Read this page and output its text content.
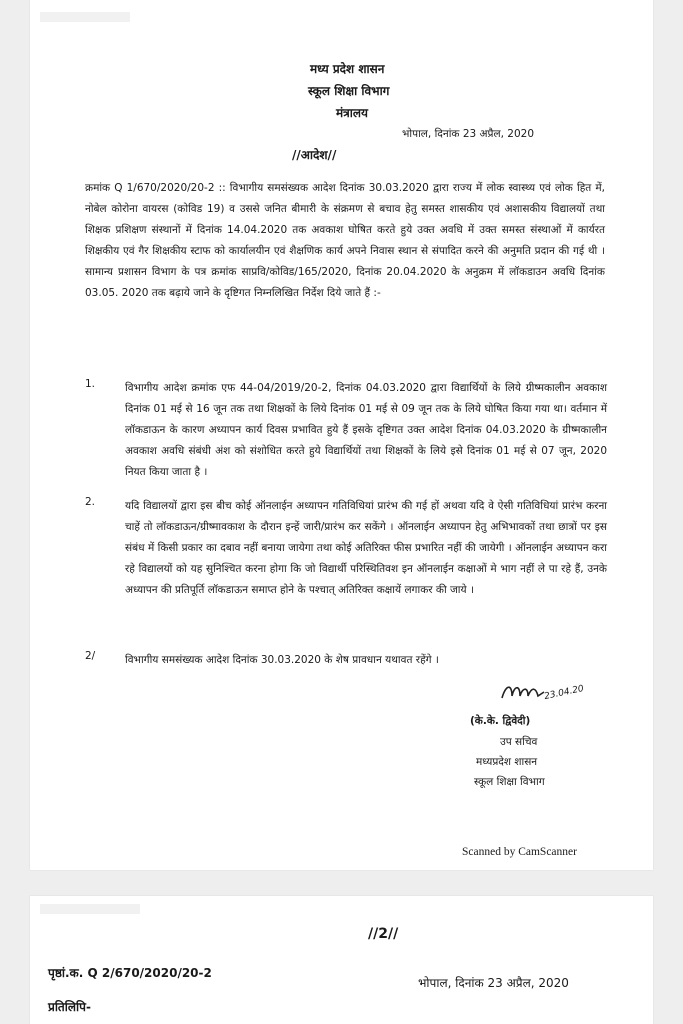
मध्य प्रदेश शासन
स्कूल शिक्षा विभाग
मंत्रालय
भोपाल, दिनांक 23 अप्रैल, 2020
//आदेश//
क्रमांक Q 1/670/2020/20-2 :: विभागीय समसंख्यक आदेश दिनांक 30.03.2020 द्वारा राज्य में लोक स्वास्थ्य एवं लोक हित में, नोबेल कोरोना वायरस (कोविड 19) व उससे जनित बीमारी के संक्रमण से बचाव हेतु समस्त शासकीय एवं अशासकीय विद्यालयों तथा शिक्षक प्रशिक्षण संस्थानों में दिनांक 14.04.2020 तक अवकाश घोषित करते हुये उक्त अवधि में उक्त समस्त संस्थाओं में कार्यरत शिक्षकीय एवं गैर शिक्षकीय स्टाफ को कार्यालयीन एवं शैक्षणिक कार्य अपने निवास स्थान से संपादित करने की अनुमति प्रदान की गई थी । सामान्य प्रशासन विभाग के पत्र क्रमांक साप्रवि/कोविड/165/2020, दिनांक 20.04.2020 के अनुक्रम में लॉकडाउन अवधि दिनांक 03.05. 2020 तक बढ़ाये जाने के दृष्टिगत निम्नलिखित निर्देश दिये जाते हैं :-
1.	विभागीय आदेश क्रमांक एफ 44-04/2019/20-2, दिनांक 04.03.2020 द्वारा विद्यार्थियों के लिये ग्रीष्मकालीन अवकाश दिनांक 01 मई से 16 जून तक तथा शिक्षकों के लिये दिनांक 01 मई से 09 जून तक के लिये घोषित किया गया था। वर्तमान में लॉकडाऊन के कारण अध्यापन कार्य दिवस प्रभावित हुये हैं इसके दृष्टिगत उक्त आदेश दिनांक 04.03.2020 के ग्रीष्मकालीन अवकाश अवधि संबंधी अंश को संशोधित करते हुये विद्यार्थियों तथा शिक्षकों के लिये इसे दिनांक 01 मई से 07 जून, 2020 नियत किया जाता है ।
2.	यदि विद्यालयों द्वारा इस बीच कोई ऑनलाईन अध्यापन गतिविधियां प्रारंभ की गई हों अथवा यदि वे ऐसी गतिविधियां प्रारंभ करना चाहें तो लॉकडाऊन/ग्रीष्मावकाश के दौरान इन्हें जारी/प्रारंभ कर सकेंगे । ऑनलाईन अध्यापन हेतु अभिभावकों तथा छात्रों पर इस संबंध में किसी प्रकार का दबाव नहीं बनाया जायेगा तथा कोई अतिरिक्त फीस प्रभारित नहीं की जायेगी । ऑनलाईन अध्यापन करा रहे विद्यालयों को यह सुनिश्चित करना होगा कि जो विद्यार्थी परिस्थितिवश इन ऑनलाईन कक्षाओं मे भाग नहीं ले पा रहे हैं, उनके अध्यापन की प्रतिपूर्ति लॉकडाऊन समाप्त होने के पश्चात् अतिरिक्त कक्षायें लगाकर की जाये ।
2/	विभागीय समसंख्यक आदेश दिनांक 30.03.2020 के शेष प्रावधान यथावत रहेंगे ।
23.04.20
(के.के. द्विवेदी)
उप सचिव
मध्यप्रदेश शासन
स्कूल शिक्षा विभाग
Scanned by CamScanner
//2//
पृष्ठां.क. Q 2/670/2020/20-2
भोपाल, दिनांक 23 अप्रैल, 2020
प्रतिलिपि-
